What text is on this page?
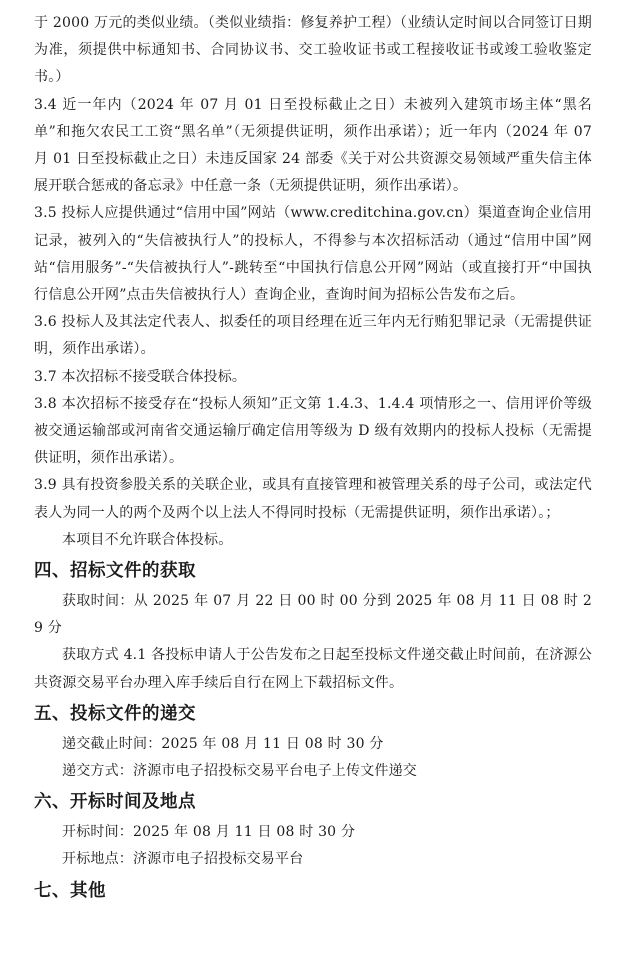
于 2000 万元的类似业绩。（类似业绩指：修复养护工程）（业绩认定时间以合同签订日期为准，须提供中标通知书、合同协议书、交工验收证书或工程接收证书或竣工验收鉴定书。）

3.4 近一年内（2024 年 07 月 01 日至投标截止之日）未被列入建筑市场主体“黑名单”和拖欠农民工工资“黑名单”（无须提供证明，须作出承诺）；近一年内（2024 年 07 月 01 日至投标截止之日）未违反国家 24 部委《关于对公共资源交易领域严重失信主体展开联合惩戒的备忘录》中任意一条（无须提供证明，须作出承诺）。

3.5 投标人应提供通过“信用中国”网站（www.creditchina.gov.cn）渠道查询企业信用记录，被列入的“失信被执行人”的投标人，不得参与本次招标活动（通过“信用中国”网站“信用服务”-“失信被执行人”-跳转至“中国执行信息公开网”网站（或直接打开“中国执行信息公开网”点击失信被执行人）查询企业，查询时间为招标公告发布之后。

3.6 投标人及其法定代表人、拟委任的项目经理在近三年内无行贿犯罪记录（无需提供证明，须作出承诺）。

3.7 本次招标不接受联合体投标。

3.8 本次招标不接受存在“投标人须知”正文第 1.4.3、1.4.4 项情形之一、信用评价等级被交通运输部或河南省交通运输厅确定信用等级为 D 级有效期内的投标人投标（无需提供证明，须作出承诺）。

3.9 具有投资参股关系的关联企业，或具有直接管理和被管理关系的母子公司，或法定代表人为同一人的两个及两个以上法人不得同时投标（无需提供证明，须作出承诺）。；

本项目不允许联合体投标。

四、招标文件的获取

获取时间：从 2025 年 07 月 22 日 00 时 00 分到 2025 年 08 月 11 日 08 时 29 分

获取方式 4.1 各投标申请人于公告发布之日起至投标文件递交截止时间前，在济源公共资源交易平台办理入库手续后自行在网上下载招标文件。

五、投标文件的递交

递交截止时间：2025 年 08 月 11 日 08 时 30 分

递交方式：济源市电子招投标交易平台电子上传文件递交

六、开标时间及地点

开标时间：2025 年 08 月 11 日 08 时 30 分

开标地点：济源市电子招投标交易平台

七、其他
